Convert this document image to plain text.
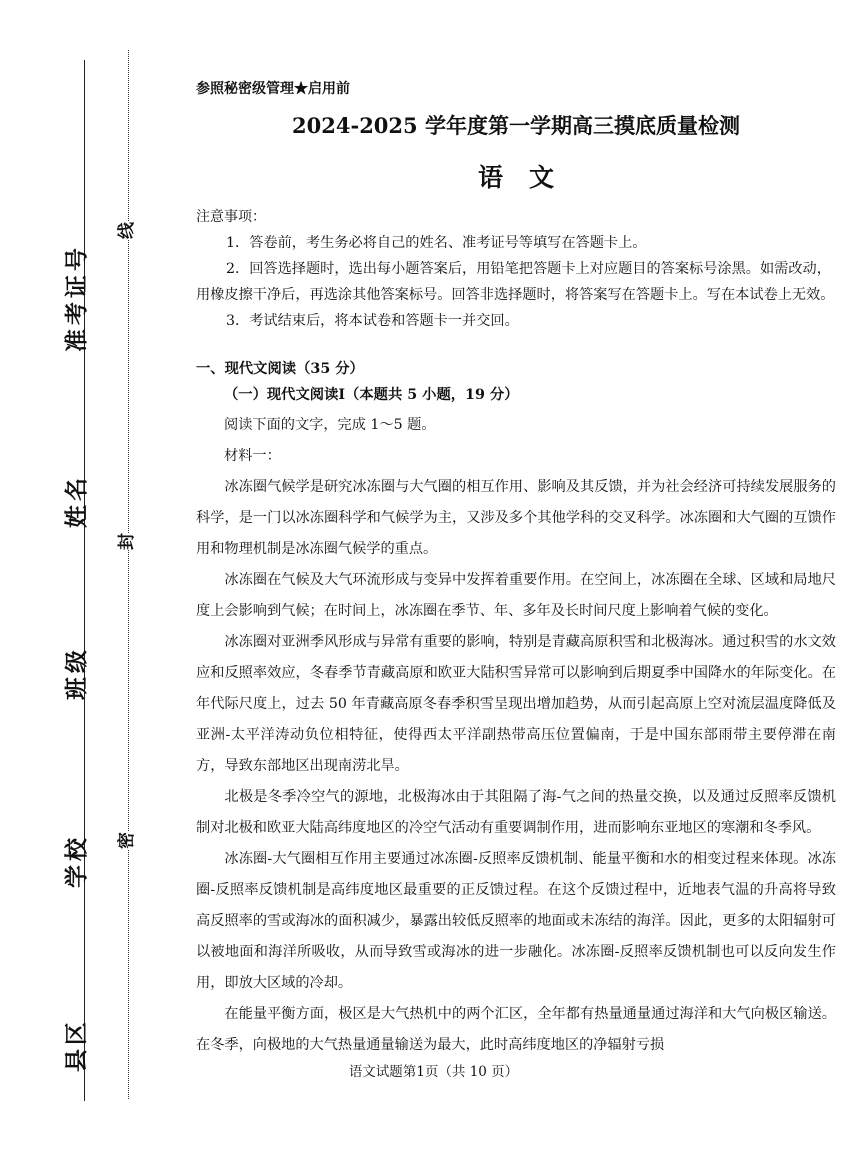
准考证号
姓名
班级
学校
县区
线
封
密
参照秘密级管理★启用前
2024-2025 学年度第一学期高三摸底质量检测
语文
注意事项：
1．答卷前，考生务必将自己的姓名、准考证号等填写在答题卡上。
2．回答选择题时，选出每小题答案后，用铅笔把答题卡上对应题目的答案标号涂黑。如需改动，用橡皮擦干净后，再选涂其他答案标号。回答非选择题时，将答案写在答题卡上。写在本试卷上无效。
3．考试结束后，将本试卷和答题卡一并交回。
一、现代文阅读（35 分）
（一）现代文阅读Ⅰ（本题共 5 小题，19 分）

阅读下面的文字，完成 1～5 题。

材料一：

冰冻圈气候学是研究冰冻圈与大气圈的相互作用、影响及其反馈，并为社会经济可持续发展服务的科学，是一门以冰冻圈科学和气候学为主，又涉及多个其他学科的交叉科学。冰冻圈和大气圈的互馈作用和物理机制是冰冻圈气候学的重点。

冰冻圈在气候及大气环流形成与变异中发挥着重要作用。在空间上，冰冻圈在全球、区域和局地尺度上会影响到气候；在时间上，冰冻圈在季节、年、多年及长时间尺度上影响着气候的变化。

冰冻圈对亚洲季风形成与异常有重要的影响，特别是青藏高原积雪和北极海冰。通过积雪的水文效应和反照率效应，冬春季节青藏高原和欧亚大陆积雪异常可以影响到后期夏季中国降水的年际变化。在年代际尺度上，过去 50 年青藏高原冬春季积雪呈现出增加趋势，从而引起高原上空对流层温度降低及亚洲-太平洋涛动负位相特征，使得西太平洋副热带高压位置偏南，于是中国东部雨带主要停滞在南方，导致东部地区出现南涝北旱。

北极是冬季冷空气的源地，北极海冰由于其阻隔了海-气之间的热量交换，以及通过反照率反馈机制对北极和欧亚大陆高纬度地区的冷空气活动有重要调制作用，进而影响东亚地区的寒潮和冬季风。

冰冻圈-大气圈相互作用主要通过冰冻圈-反照率反馈机制、能量平衡和水的相变过程来体现。冰冻圈-反照率反馈机制是高纬度地区最重要的正反馈过程。在这个反馈过程中，近地表气温的升高将导致高反照率的雪或海冰的面积减少，暴露出较低反照率的地面或未冻结的海洋。因此，更多的太阳辐射可以被地面和海洋所吸收，从而导致雪或海冰的进一步融化。冰冻圈-反照率反馈机制也可以反向发生作用，即放大区域的冷却。

在能量平衡方面，极区是大气热机中的两个汇区，全年都有热量通量通过海洋和大气向极区输送。在冬季，向极地的大气热量通量输送为最大，此时高纬度地区的净辐射亏损

语文试题第1页（共 10 页）
